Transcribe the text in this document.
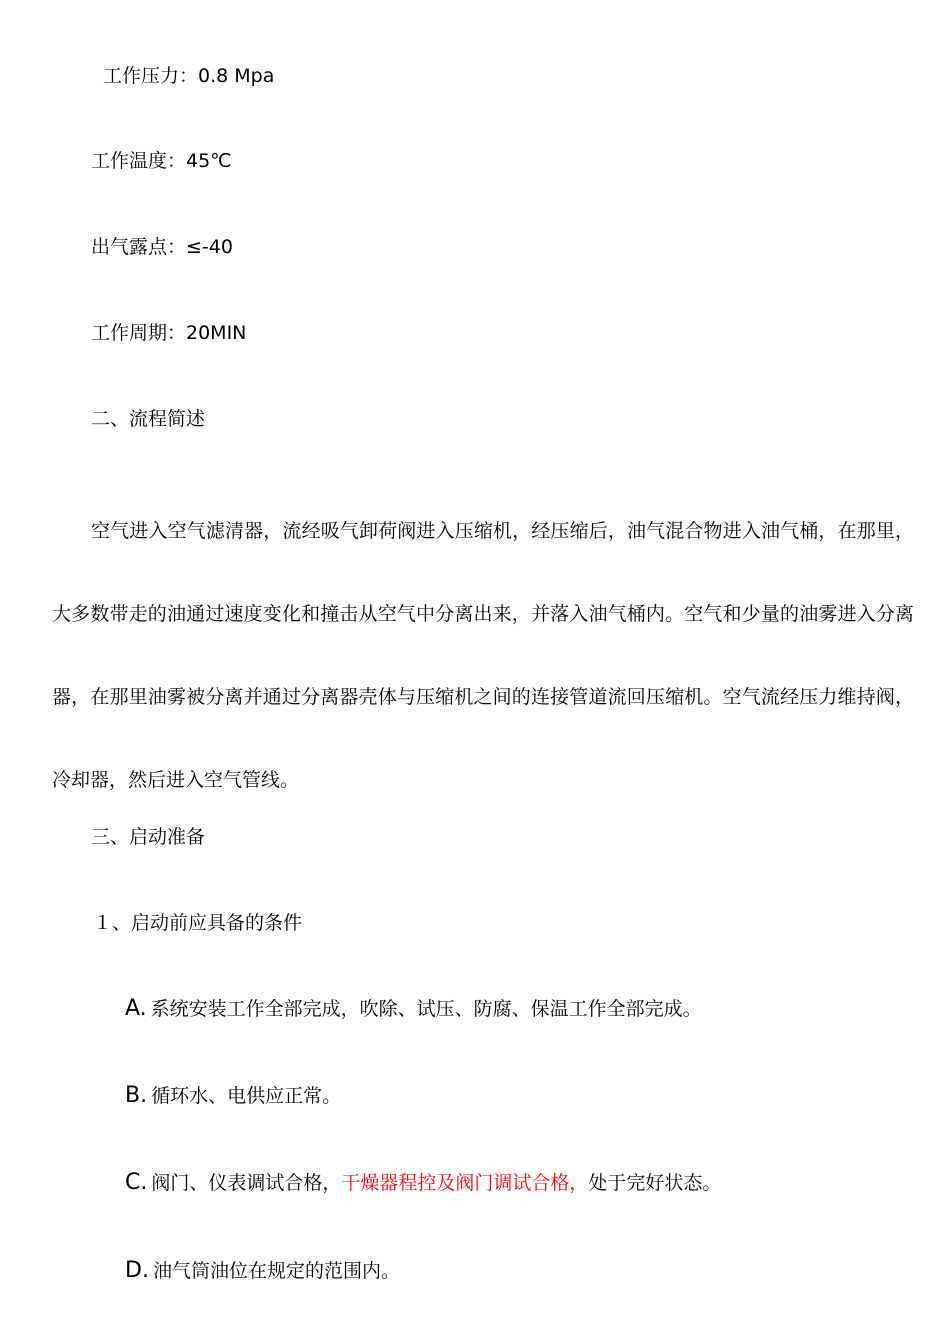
工作压力：0.8 Mpa
工作温度：45℃
出气露点：≤-40
工作周期：20MIN
二、流程简述

空气进入空气滤清器，流经吸气卸荷阀进入压缩机，经压缩后，油气混合物进入油气桶，在那里，大多数带走的油通过速度变化和撞击从空气中分离出来，并落入油气桶内。空气和少量的油雾进入分离器，在那里油雾被分离并通过分离器壳体与压缩机之间的连接管道流回压缩机。空气流经压力维持阀，冷却器，然后进入空气管线。

三、启动准备
１、启动前应具备的条件
A. 系统安装工作全部完成，吹除、试压、防腐、保温工作全部完成。
B. 循环水、电供应正常。
C. 阀门、仪表调试合格，干燥器程控及阀门调试合格，处于完好状态。
D. 油气筒油位在规定的范围内。
